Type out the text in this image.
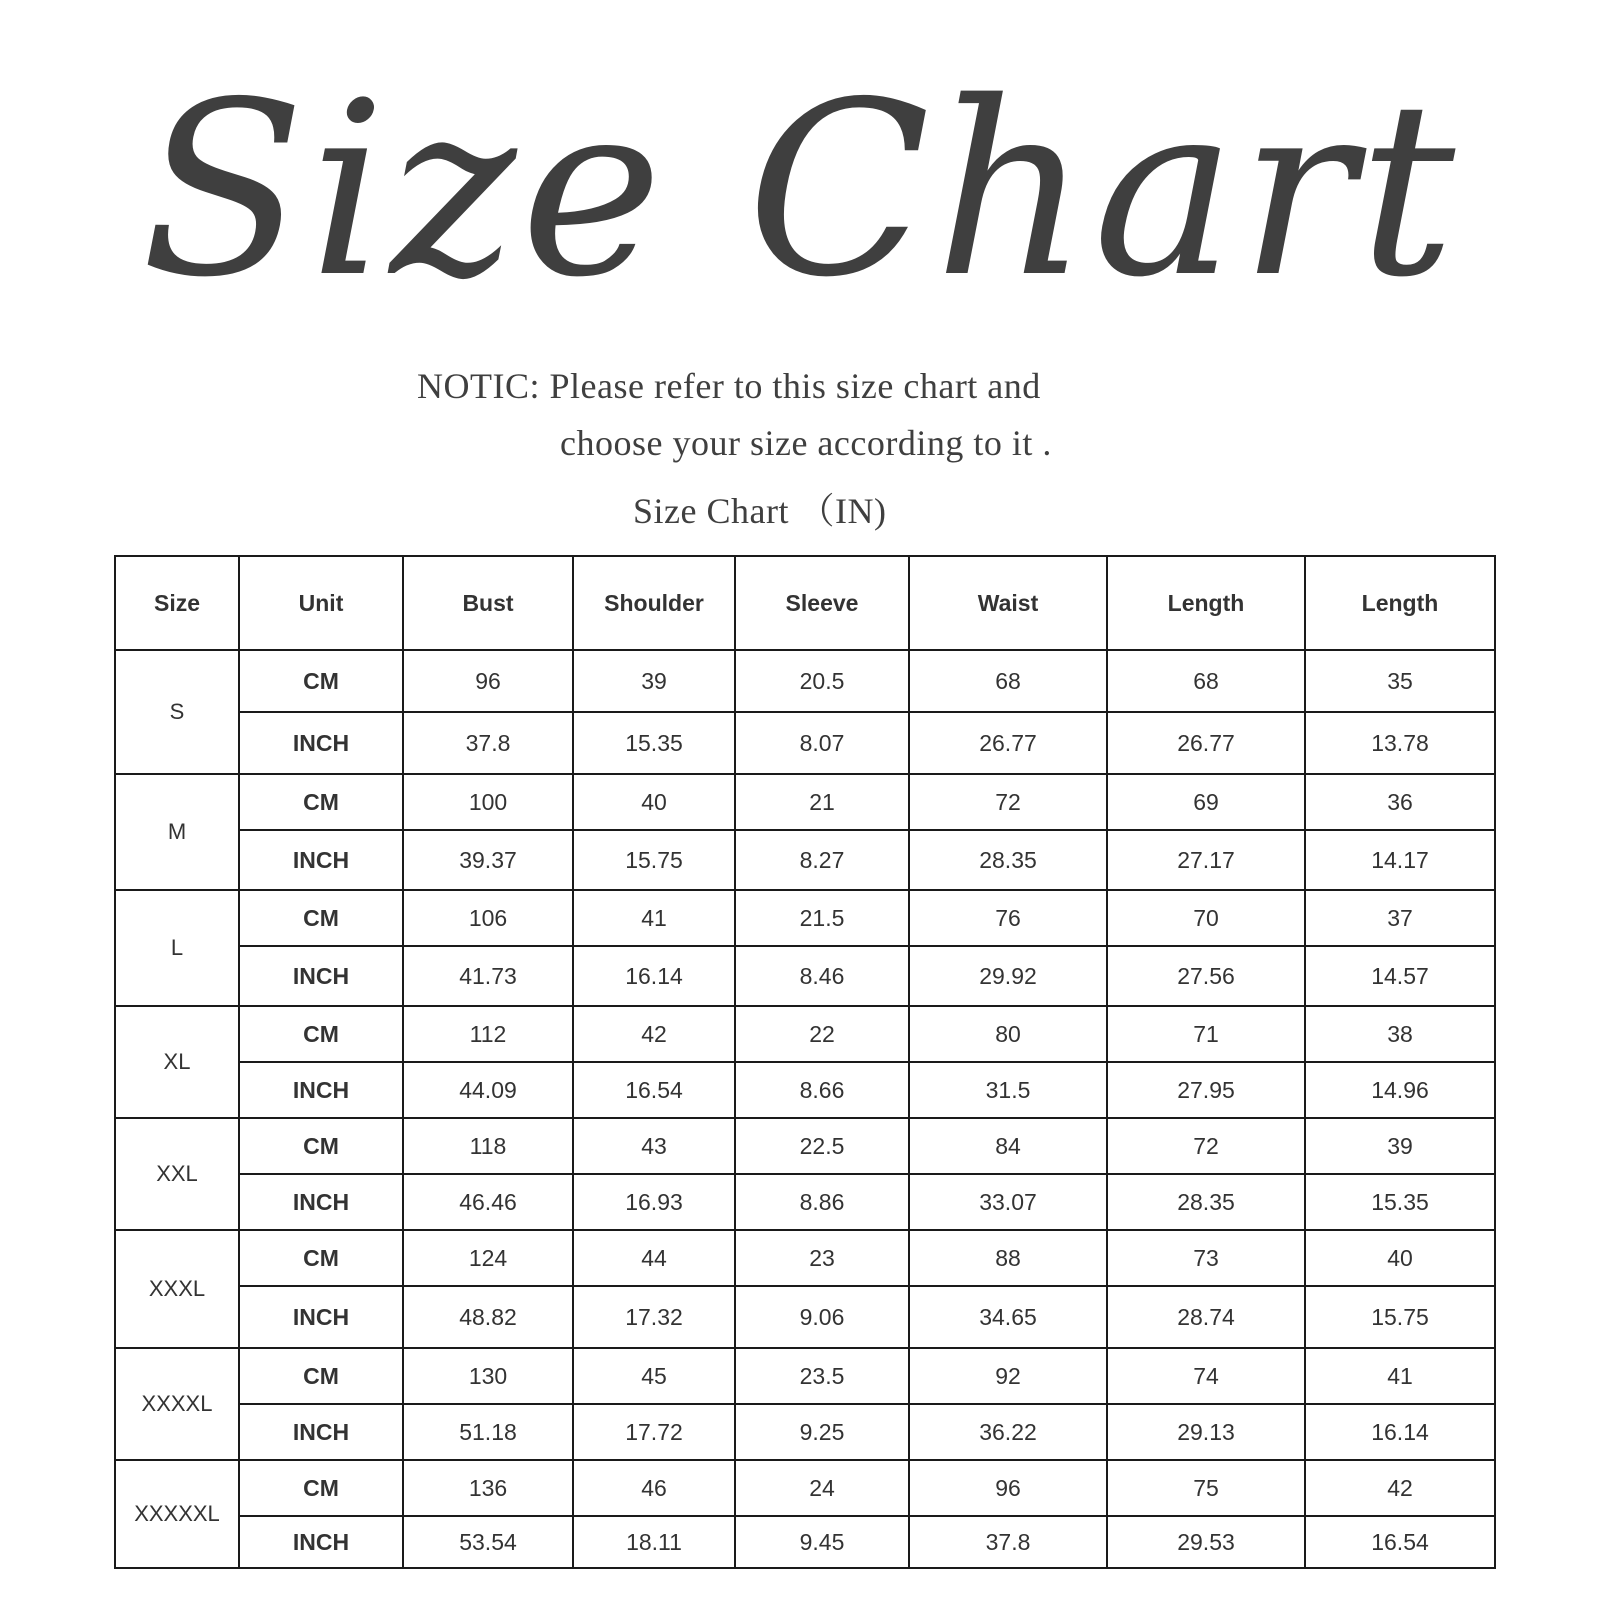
Size Chart
NOTIC: Please refer to this size chart and
choose your size according to it .
Size Chart （IN)
Size	Unit	Bust	Shoulder	Sleeve	Waist	Length	Length
S	CM	96	39	20.5	68	68	35
	INCH	37.8	15.35	8.07	26.77	26.77	13.78
M	CM	100	40	21	72	69	36
	INCH	39.37	15.75	8.27	28.35	27.17	14.17
L	CM	106	41	21.5	76	70	37
	INCH	41.73	16.14	8.46	29.92	27.56	14.57
XL	CM	112	42	22	80	71	38
	INCH	44.09	16.54	8.66	31.5	27.95	14.96
XXL	CM	118	43	22.5	84	72	39
	INCH	46.46	16.93	8.86	33.07	28.35	15.35
XXXL	CM	124	44	23	88	73	40
	INCH	48.82	17.32	9.06	34.65	28.74	15.75
XXXXL	CM	130	45	23.5	92	74	41
	INCH	51.18	17.72	9.25	36.22	29.13	16.14
XXXXXL	CM	136	46	24	96	75	42
	INCH	53.54	18.11	9.45	37.8	29.53	16.54
